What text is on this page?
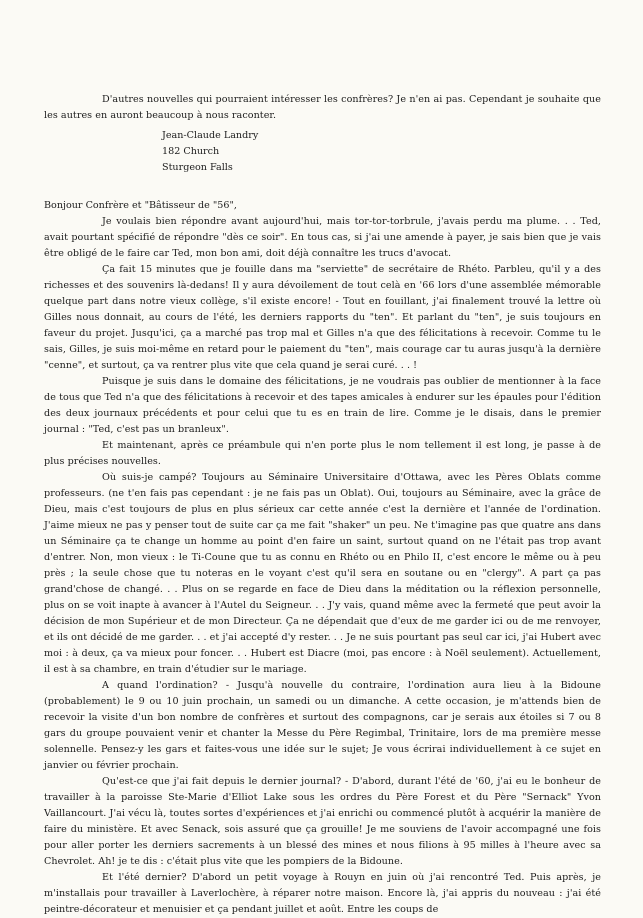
D'autres nouvelles qui pourraient intéresser les confrères? Je n'en ai pas. Cependant je souhaite que les autres en auront beaucoup à nous raconter.

Jean-Claude Landry
182 Church
Sturgeon Falls

Bonjour Confrère et "Bâtisseur de "56",

Je voulais bien répondre avant aujourd'hui, mais tor-tor-torbrule, j'avais perdu ma plume. . . Ted, avait pourtant spécifié de répondre "dès ce soir". En tous cas, si j'ai une amende à payer, je sais bien que je vais être obligé de le faire car Ted, mon bon ami, doit déjà connaître les trucs d'avocat.

Ça fait 15 minutes que je fouille dans ma "serviette" de secrétaire de Rhéto. Parbleu, qu'il y a des richesses et des souvenirs là-dedans! Il y aura dévoilement de tout celà en '66 lors d'une assemblée mémorable quelque part dans notre vieux collège, s'il existe encore! - Tout en fouillant, j'ai finalement trouvé la lettre où Gilles nous donnait, au cours de l'été, les derniers rapports du "ten". Et parlant du "ten", je suis toujours en faveur du projet. Jusqu'ici, ça a marché pas trop mal et Gilles n'a que des félicitations à recevoir. Comme tu le sais, Gilles, je suis moi-même en retard pour le paiement du "ten", mais courage car tu auras jusqu'à la dernière "cenne", et surtout, ça va rentrer plus vite que cela quand je serai curé. . . !

Puisque je suis dans le domaine des félicitations, je ne voudrais pas oublier de mentionner à la face de tous que Ted n'a que des félicitations à recevoir et des tapes amicales à endurer sur les épaules pour l'édition des deux journaux précédents et pour celui que tu es en train de lire. Comme je le disais, dans le premier journal : "Ted, c'est pas un branleux".

Et maintenant, après ce préambule qui n'en porte plus le nom tellement il est long, je passe à de plus précises nouvelles.

Où suis-je campé? Toujours au Séminaire Universitaire d'Ottawa, avec les Pères Oblats comme professeurs. (ne t'en fais pas cependant : je ne fais pas un Oblat). Oui, toujours au Séminaire, avec la grâce de Dieu, mais c'est toujours de plus en plus sérieux car cette année c'est la dernière et l'année de l'ordination. J'aime mieux ne pas y penser tout de suite car ça me fait "shaker" un peu. Ne t'imagine pas que quatre ans dans un Séminaire ça te change un homme au point d'en faire un saint, surtout quand on ne l'était pas trop avant d'entrer. Non, mon vieux : le Ti-Coune que tu as connu en Rhéto ou en Philo II, c'est encore le même ou à peu près ; la seule chose que tu noteras en le voyant c'est qu'il sera en soutane ou en "clergy". A part ça pas grand'chose de changé. . . Plus on se regarde en face de Dieu dans la méditation ou la réflexion personnelle, plus on se voit inapte à avancer à l'Autel du Seigneur. . . J'y vais, quand même avec la fermeté que peut avoir la décision de mon Supérieur et de mon Directeur. Ça ne dépendait que d'eux de me garder ici ou de me renvoyer, et ils ont décidé de me garder. . . et j'ai accepté d'y rester. . . Je ne suis pourtant pas seul car ici, j'ai Hubert avec moi : à deux, ça va mieux pour foncer. . . Hubert est Diacre (moi, pas encore : à Noël seulement). Actuellement, il est à sa chambre, en train d'étudier sur le mariage.

A quand l'ordination? - Jusqu'à nouvelle du contraire, l'ordination aura lieu à la Bidoune (probablement) le 9 ou 10 juin prochain, un samedi ou un dimanche. A cette occasion, je m'attends bien de recevoir la visite d'un bon nombre de confrères et surtout des compagnons, car je serais aux étoiles si 7 ou 8 gars du groupe pouvaient venir et chanter la Messe du Père Regimbal, Trinitaire, lors de ma première messe solennelle. Pensez-y les gars et faites-vous une idée sur le sujet; Je vous écrirai individuellement à ce sujet en janvier ou février prochain.

Qu'est-ce que j'ai fait depuis le dernier journal? - D'abord, durant l'été de '60, j'ai eu le bonheur de travailler à la paroisse Ste-Marie d'Elliot Lake sous les ordres du Père Forest et du Père "Sernack" Yvon Vaillancourt. J'ai vécu là, toutes sortes d'expériences et j'ai enrichi ou commencé plutôt à acquérir la manière de faire du ministère. Et avec Senack, sois assuré que ça grouille! Je me souviens de l'avoir accompagné une fois pour aller porter les derniers sacrements à un blessé des mines et nous filions à 95 milles à l'heure avec sa Chevrolet. Ah! je te dis : c'était plus vite que les pompiers de la Bidoune.

Et l'été dernier? D'abord un petit voyage à Rouyn en juin où j'ai rencontré Ted. Puis après, je m'installais pour travailler à Laverlochère, à réparer notre maison. Encore là, j'ai appris du nouveau : j'ai été peintre-décorateur et menuisier et ça pendant juillet et août. Entre les coups de
